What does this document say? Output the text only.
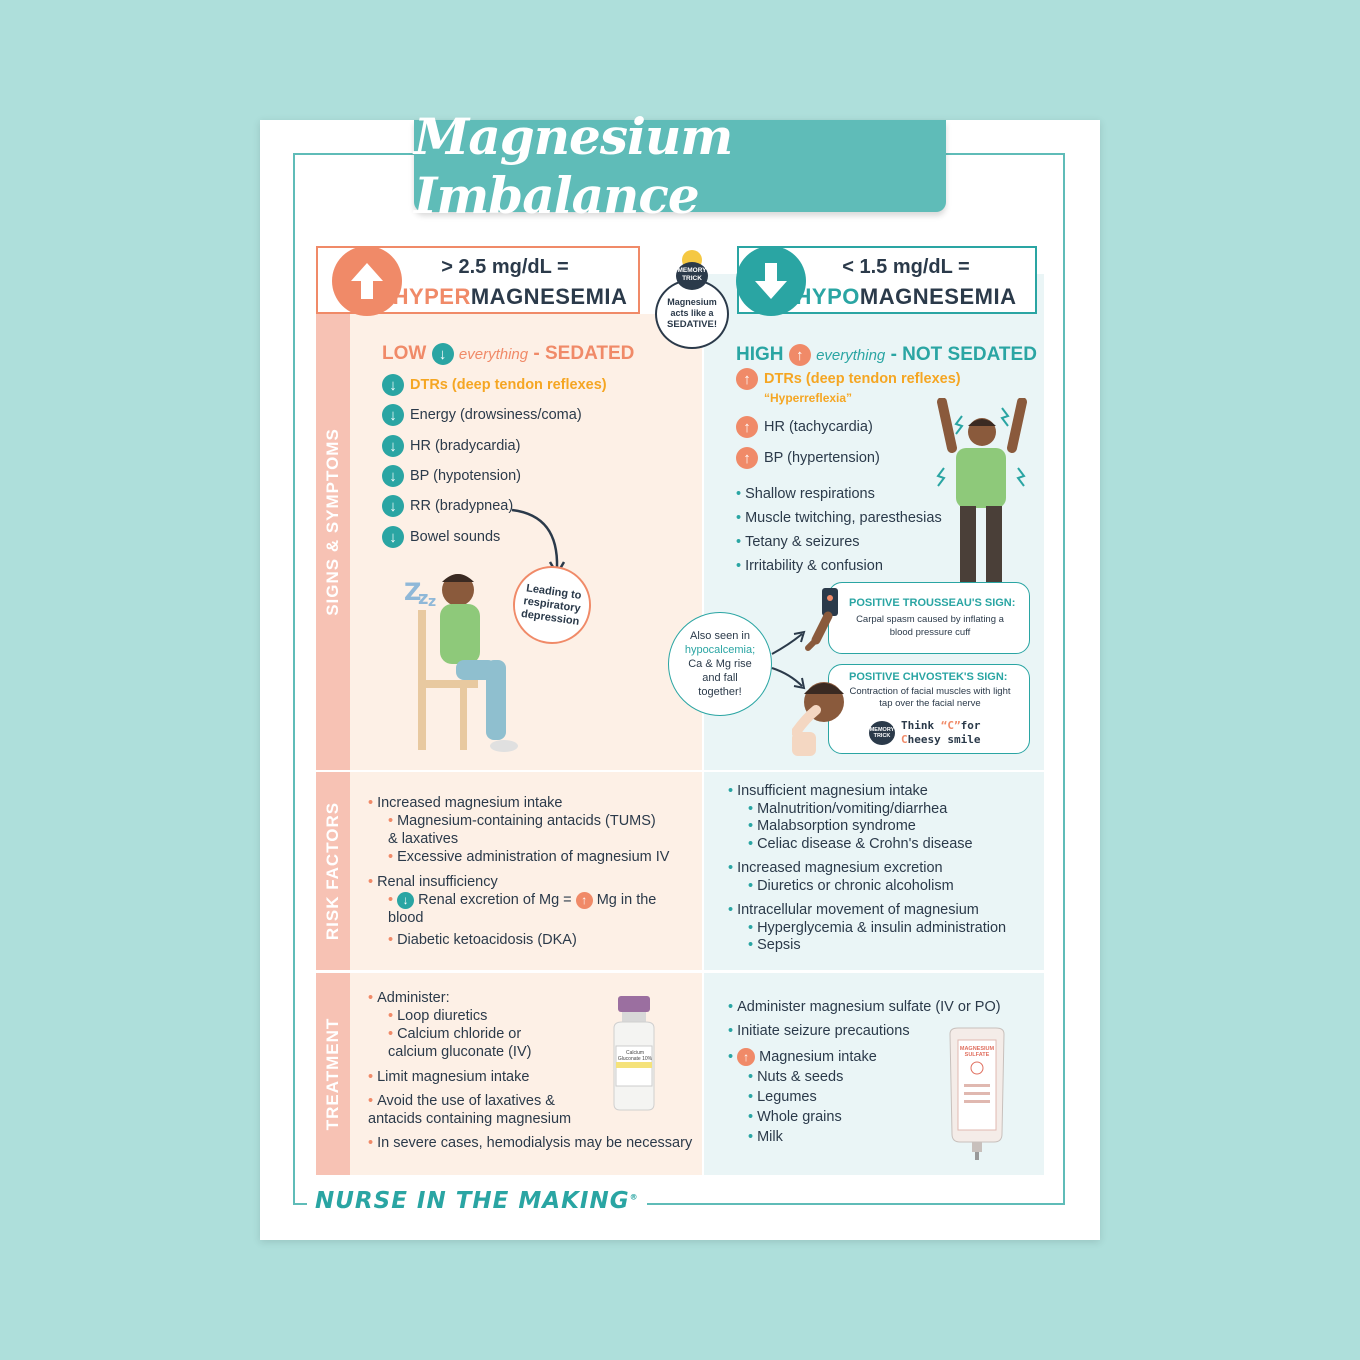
SIGNS & SYMPTOMS
RISK FACTORS
TREATMENT
Magnesium Imbalance
> 2.5 mg/dL =
HYPERMAGNESEMIA
< 1.5 mg/dL =
HYPOMAGNESEMIA
MEMORY TRICK
Magnesium acts like a
SEDATIVE!
LOW ↓ everything - SEDATED
↓ DTRs (deep tendon reflexes)
↓ Energy (drowsiness/coma)
↓ HR (bradycardia)
↓ BP (hypotension)
↓ RR (bradypnea)
↓ Bowel sounds
Leading to respiratory depression
Z
z z
HIGH ↑ everything - NOT SEDATED
↑ DTRs (deep tendon reflexes)
“Hyperreflexia”
↑ HR (tachycardia)
↑ BP (hypertension)
• Shallow respirations
• Muscle twitching, paresthesias
• Tetany & seizures
• Irritability & confusion
POSITIVE TROUSSEAU'S SIGN:
Carpal spasm caused by inflating a blood pressure cuff
POSITIVE CHVOSTEK'S SIGN:
Contraction of facial muscles with light tap over the facial nerve
MEMORY TRICK
Think “C”for
Cheesy smile
Also seen in
hypocalcemia;
Ca & Mg rise and fall together!
• Increased magnesium intake
• Magnesium-containing antacids (TUMS) & laxatives
• Excessive administration of magnesium IV
• Renal insufficiency
• ↓ Renal excretion of Mg = ↑ Mg in the blood
• Diabetic ketoacidosis (DKA)
• Insufficient magnesium intake
• Malnutrition/vomiting/diarrhea
• Malabsorption syndrome
• Celiac disease & Crohn's disease
• Increased magnesium excretion
• Diuretics or chronic alcoholism
• Intracellular movement of magnesium
• Hyperglycemia & insulin administration
• Sepsis
• Administer:
• Loop diuretics
• Calcium chloride or calcium gluconate (IV)
• Limit magnesium intake
• Avoid the use of laxatives & antacids containing magnesium
• In severe cases, hemodialysis may be necessary
Calcium Gluconate 10%
• Administer magnesium sulfate (IV or PO)
• Initiate seizure precautions
• ↑ Magnesium intake
• Nuts & seeds
• Legumes
• Whole grains
• Milk
MAGNESIUM SULFATE
NURSE IN THE MAKING®
